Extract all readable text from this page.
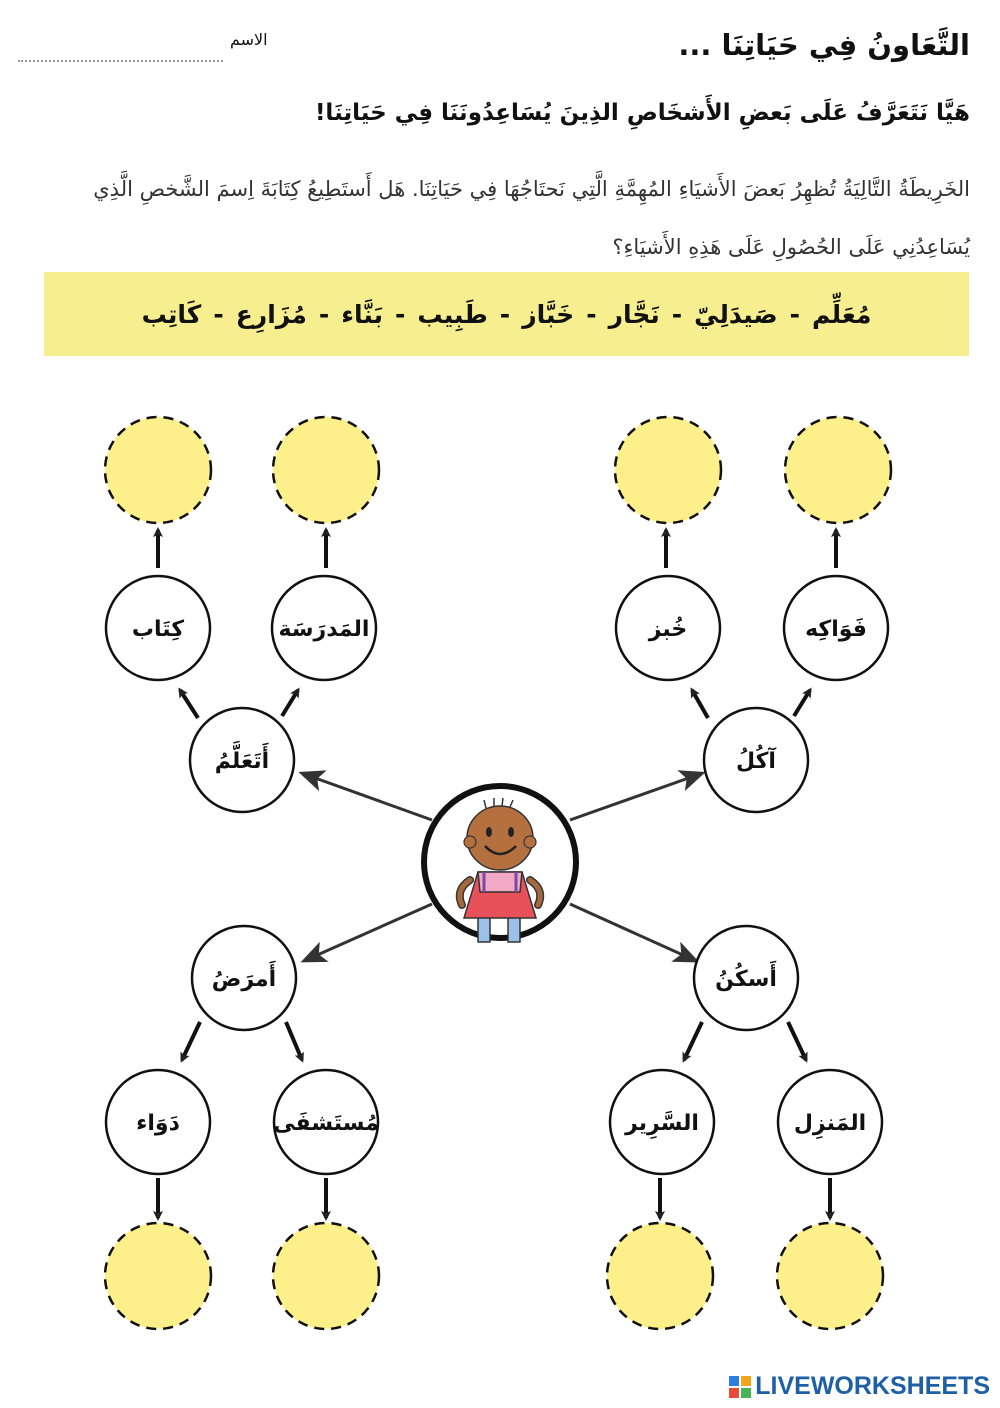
التَّعَاونُ فِي حَيَاتِنَا ...
الاسم
هَيَّا نَتَعَرَّفُ عَلَى بَعضِ الأَشخَاصِ الذِينَ يُسَاعِدُونَنَا فِي حَيَاتِنَا!
الخَرِيطَةُ التَّالِيَةُ تُظهِرُ بَعضَ الأَشيَاءِ المُهِمَّةِ الَّتِي نَحتَاجُهَا فِي حَيَاتِنَا. هَل أَستَطِيعُ كِتَابَةَ اِسمَ الشَّخصِ الَّذِي يُسَاعِدُنِي عَلَى الحُصُولِ عَلَى هَذِهِ الأَشيَاءِ؟
مُعَلِّم
-
صَيدَلِيّ
-
نَجَّار
-
خَبَّاز
-
طَبِيب
-
بَنَّاء
-
مُزَارِع
-
كَاتِب
كِتَاب	المَدرَسَة	خُبز	فَوَاكِه
دَوَاء	مُستَشفَى	السَّرِير	المَنزِل
أَتَعَلَّمُ	آكُلُ
أَمرَضُ	أَسكُنُ
LIVEWORKSHEETS
